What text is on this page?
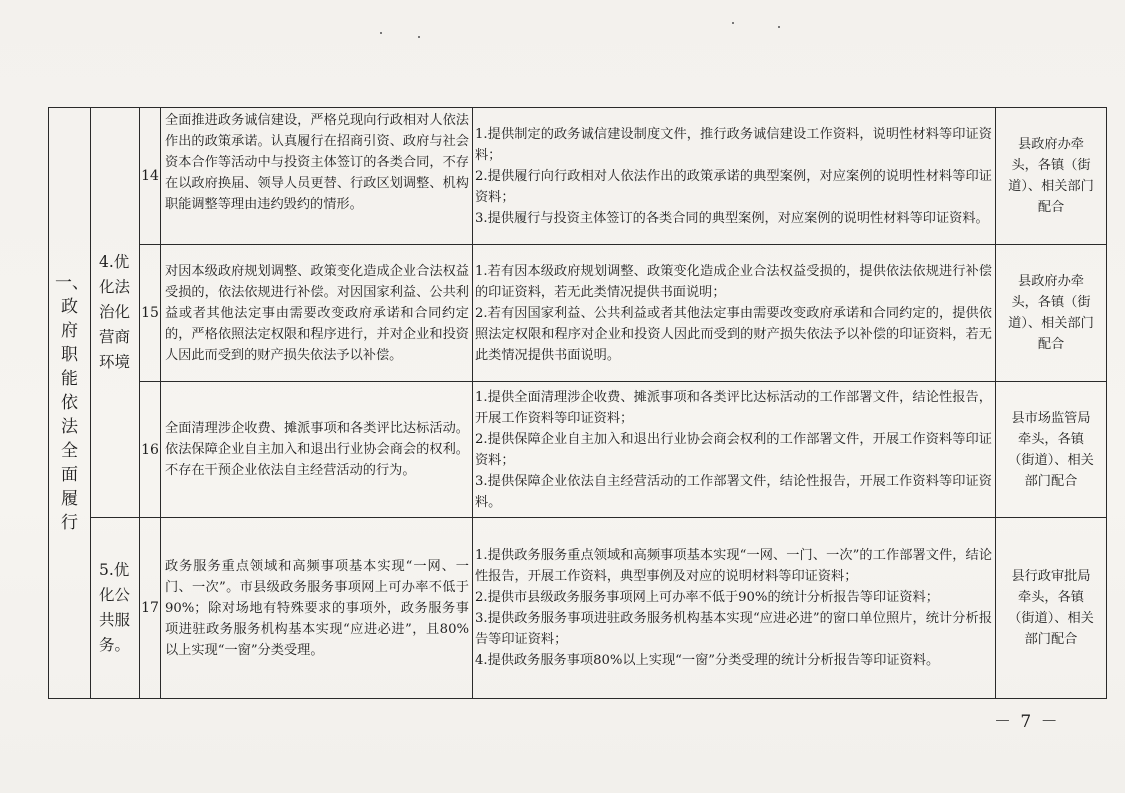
一、政府职能依法全面履行	4.优化法治化营商环境	14	全面推进政务诚信建设，严格兑现向行政相对人依法作出的政策承诺。认真履行在招商引资、政府与社会资本合作等活动中与投资主体签订的各类合同，不存在以政府换届、领导人员更替、行政区划调整、机构职能调整等理由违约毁约的情形。	1.提供制定的政务诚信建设制度文件，推行政务诚信建设工作资料，说明性材料等印证资料；
2.提供履行向行政相对人依法作出的政策承诺的典型案例，对应案例的说明性材料等印证资料；
3.提供履行与投资主体签订的各类合同的典型案例，对应案例的说明性材料等印证资料。	县政府办牵头，各镇（街道）、相关部门配合
		15	对因本级政府规划调整、政策变化造成企业合法权益受损的，依法依规进行补偿。对因国家利益、公共利益或者其他法定事由需要改变政府承诺和合同约定的，严格依照法定权限和程序进行，并对企业和投资人因此而受到的财产损失依法予以补偿。	1.若有因本级政府规划调整、政策变化造成企业合法权益受损的，提供依法依规进行补偿的印证资料，若无此类情况提供书面说明；
2.若有因国家利益、公共利益或者其他法定事由需要改变政府承诺和合同约定的，提供依照法定权限和程序对企业和投资人因此而受到的财产损失依法予以补偿的印证资料，若无此类情况提供书面说明。	县政府办牵头，各镇（街道）、相关部门配合
		16	全面清理涉企收费、摊派事项和各类评比达标活动。依法保障企业自主加入和退出行业协会商会的权利。不存在干预企业依法自主经营活动的行为。	1.提供全面清理涉企收费、摊派事项和各类评比达标活动的工作部署文件，结论性报告，开展工作资料等印证资料；
2.提供保障企业自主加入和退出行业协会商会权利的工作部署文件，开展工作资料等印证资料；
3.提供保障企业依法自主经营活动的工作部署文件，结论性报告，开展工作资料等印证资料。	县市场监管局牵头，各镇（街道）、相关部门配合
	5.优化公共服务。	17	政务服务重点领域和高频事项基本实现“一网、一门、一次”。市县级政务服务事项网上可办率不低于90%；除对场地有特殊要求的事项外，政务服务事项进驻政务服务机构基本实现“应进必进”，且80%以上实现“一窗”分类受理。	1.提供政务服务重点领域和高频事项基本实现“一网、一门、一次”的工作部署文件，结论性报告，开展工作资料，典型事例及对应的说明材料等印证资料；
2.提供市县级政务服务事项网上可办率不低于90%的统计分析报告等印证资料；
3.提供政务服务事项进驻政务服务机构基本实现“应进必进”的窗口单位照片，统计分析报告等印证资料；
4.提供政务服务事项80%以上实现“一窗”分类受理的统计分析报告等印证资料。	县行政审批局牵头，各镇（街道）、相关部门配合
－ 7 －
